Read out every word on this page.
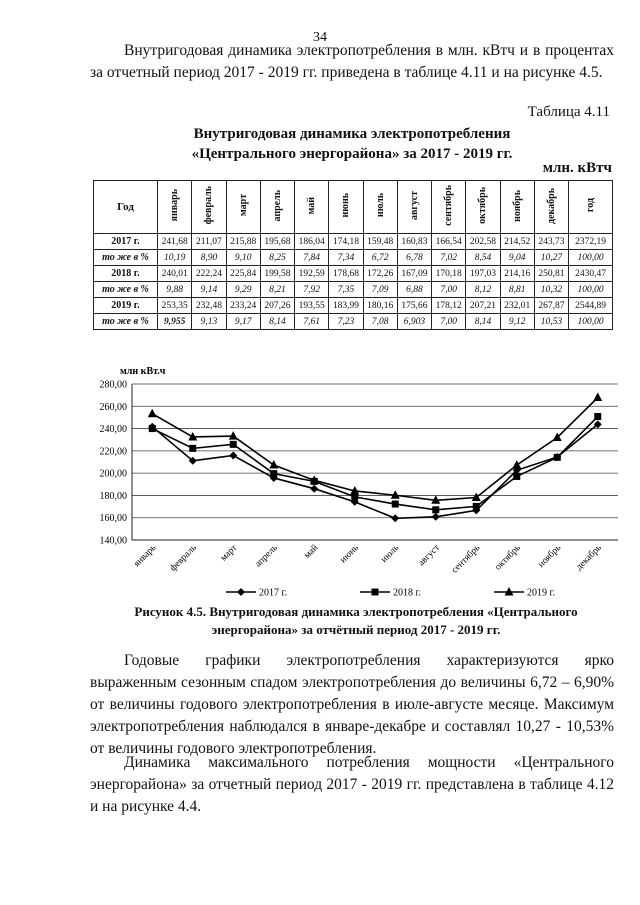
34

Внутригодовая динамика электропотребления в млн. кВтч и в процентах за отчетный период 2017 - 2019 гг. приведена в таблице 4.11 и на рисунке 4.5.

Таблица 4.11
Внутригодовая динамика электропотребления
«Центрального энергорайона» за 2017 - 2019 гг.
млн. кВтч
Год	январь	февраль	март	апрель	май	июнь	июль	август	сентябрь	октябрь	ноябрь	декабрь	год
2017 г.	241,68	211,07	215,88	195,68	186,04	174,18	159,48	160,83	166,54	202,58	214,52	243,73	2372,19
то же в %	10,19	8,90	9,10	8,25	7,84	7,34	6,72	6,78	7,02	8,54	9,04	10,27	100,00
2018 г.	240,01	222,24	225,84	199,58	192,59	178,68	172,26	167,09	170,18	197,03	214,16	250,81	2430,47
то же в %	9,88	9,14	9,29	8,21	7,92	7,35	7,09	6,88	7,00	8,12	8,81	10,32	100,00
2019 г.	253,35	232,48	233,24	207,26	193,55	183,99	180,16	175,66	178,12	207,21	232,01	267,87	2544,89
то же в %	9,955	9,13	9,17	8,14	7,61	7,23	7,08	6,903	7,00	8,14	9,12	10,53	100,00
млн кВт.ч
280,00
260,00
240,00
220,00
200,00
180,00
160,00
140,00
январь февраль март апрель май июнь июль август сентябрь октябрь ноябрь декабрь
2017 г.	2018 г.	2019 г.
Рисунок 4.5. Внутригодовая динамика электропотребления «Центрального энергорайона» за отчётный период 2017 - 2019 гг.

Годовые графики электропотребления характеризуются ярко выраженным сезонным спадом электропотребления до величины 6,72 – 6,90% от величины годового электропотребления в июле-августе месяце. Максимум электропотребления наблюдался в январе-декабре и составлял 10,27 - 10,53% от величины годового электропотребления.

Динамика максимального потребления мощности «Центрального энергорайона» за отчетный период 2017 - 2019 гг. представлена в таблице 4.12 и на рисунке 4.4.
